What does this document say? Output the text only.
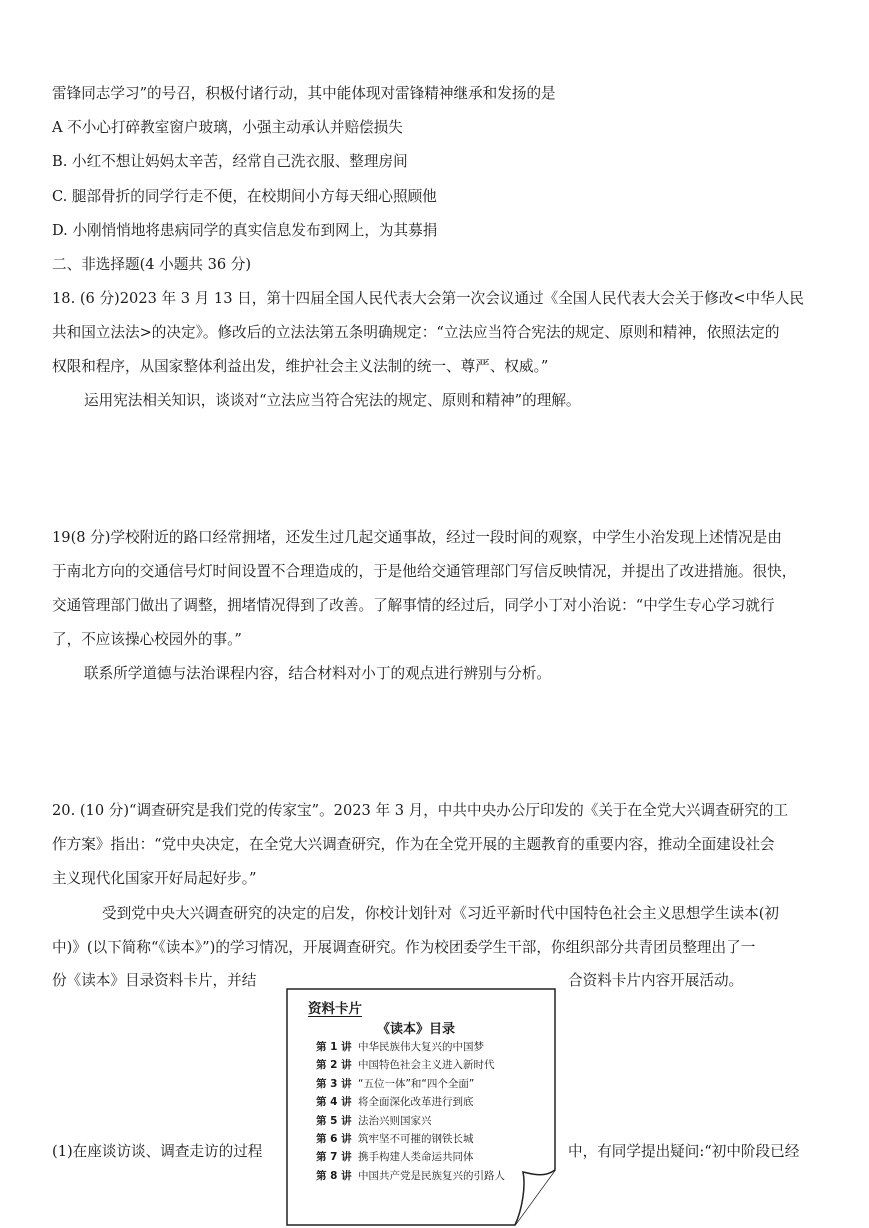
雷锋同志学习”的号召，积极付诸行动，其中能体现对雷锋精神继承和发扬的是
A 不小心打碎教室窗户玻璃，小强主动承认并赔偿损失
B. 小红不想让妈妈太辛苦，经常自己洗衣服、整理房间
C. 腿部骨折的同学行走不便，在校期间小方每天细心照顾他
D. 小刚悄悄地将患病同学的真实信息发布到网上，为其募捐
二、非选择题(4 小题共 36 分)
18. (6 分)2023 年 3 月 13 日，第十四届全国人民代表大会第一次会议通过《全国人民代表大会关于修改<中华人民
共和国立法法>的决定》。修改后的立法法第五条明确规定：“立法应当符合宪法的规定、原则和精神，依照法定的
权限和程序，从国家整体利益出发，维护社会主义法制的统一、尊严、权威。”
运用宪法相关知识，谈谈对“立法应当符合宪法的规定、原则和精神”的理解。
19(8 分)学校附近的路口经常拥堵，还发生过几起交通事故，经过一段时间的观察，中学生小治发现上述情况是由
于南北方向的交通信号灯时间设置不合理造成的，于是他给交通管理部门写信反映情况，并提出了改进措施。很快，
交通管理部门做出了调整，拥堵情况得到了改善。了解事情的经过后，同学小丁对小治说：“中学生专心学习就行
了，不应该操心校园外的事。”
联系所学道德与法治课程内容，结合材料对小丁的观点进行辨别与分析。
20. (10 分)“调查研究是我们党的传家宝”。2023 年 3 月，中共中央办公厅印发的《关于在全党大兴调查研究的工
作方案》指出：“党中央决定，在全党大兴调查研究，作为在全党开展的主题教育的重要内容，推动全面建设社会
主义现代化国家开好局起好步。”
受到党中央大兴调查研究的决定的启发，你校计划针对《习近平新时代中国特色社会主义思想学生读本(初
中)》(以下简称“《读本》”)的学习情况，开展调查研究。作为校团委学生干部，你组织部分共青团员整理出了一
份《读本》目录资料卡片，并结	合资料卡片内容开展活动。
(1)在座谈访谈、调查走访的过程	中，有同学提出疑问:“初中阶段已经
资料卡片
《读本》目录
第 1 讲 中华民族伟大复兴的中国梦
第 2 讲 中国特色社会主义进入新时代
第 3 讲 “五位一体”和“四个全面”
第 4 讲 将全面深化改革进行到底
第 5 讲 法治兴则国家兴
第 6 讲 筑牢坚不可摧的钢铁长城
第 7 讲 携手构建人类命运共同体
第 8 讲 中国共产党是民族复兴的引路人
